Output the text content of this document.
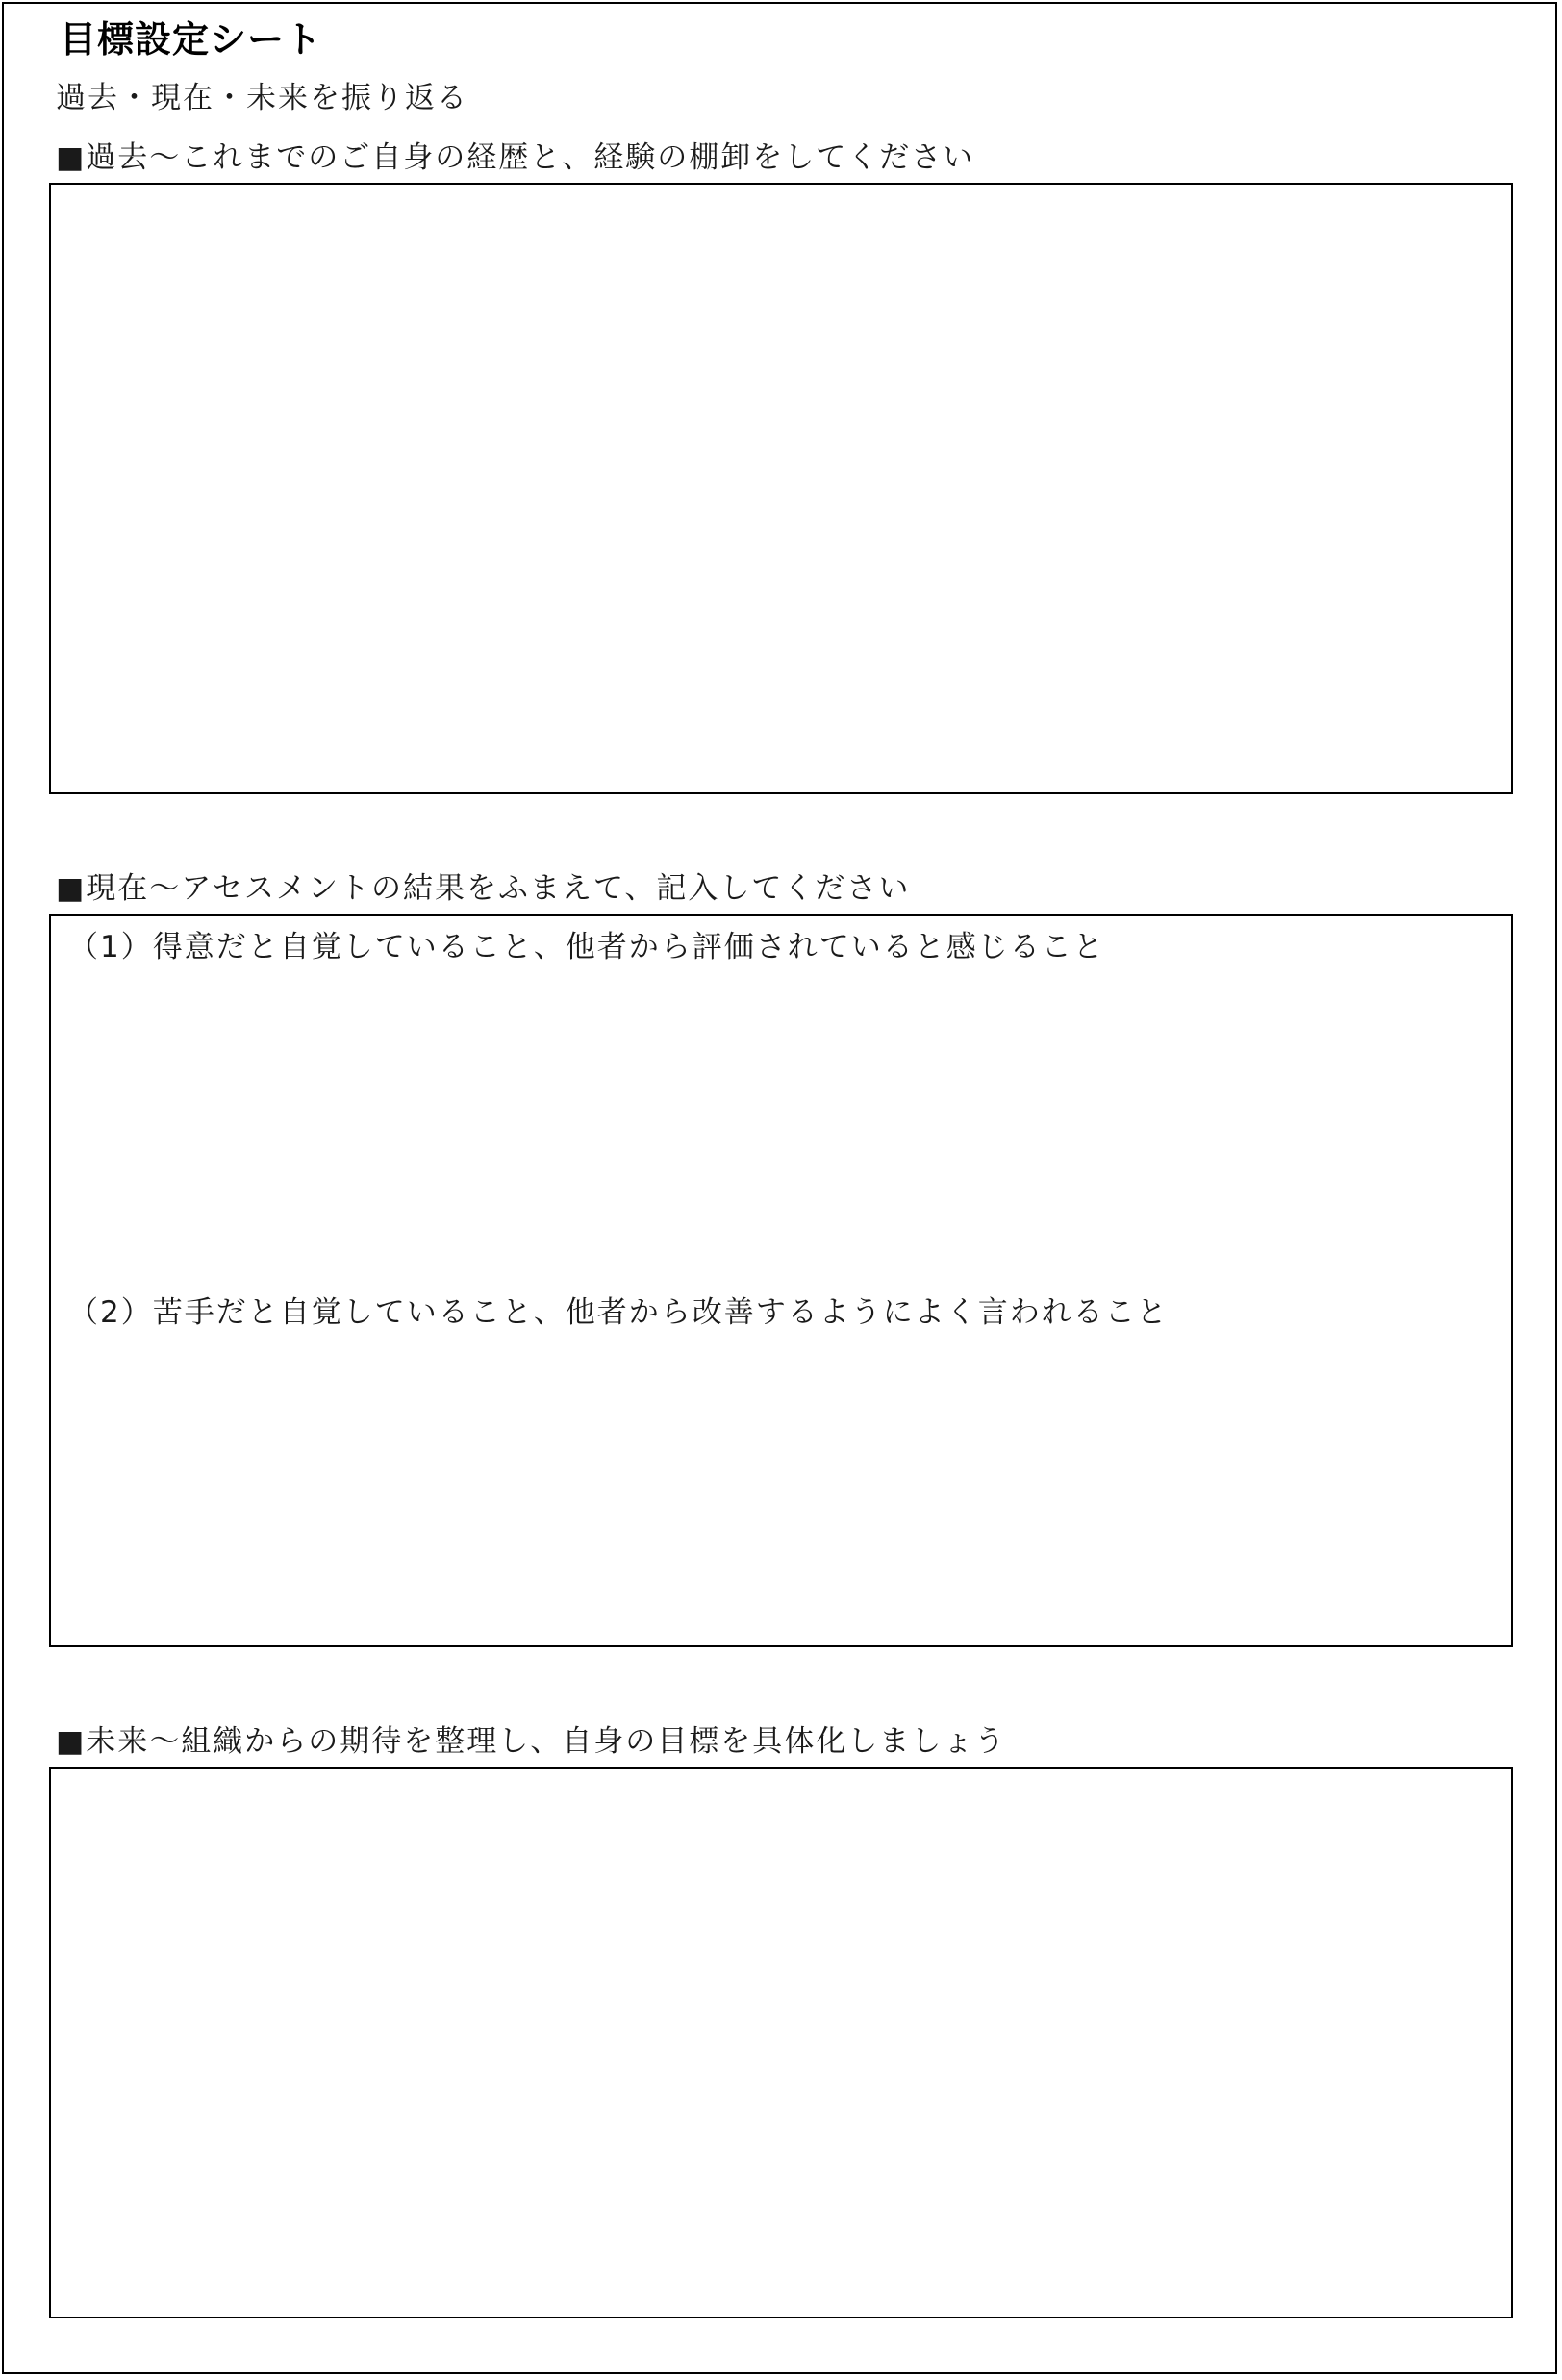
目標設定シート
過去・現在・未来を振り返る
■過去～これまでのご自身の経歴と、経験の棚卸をしてください
■現在～アセスメントの結果をふまえて、記入してください
（1）得意だと自覚していること、他者から評価されていると感じること
（2）苦手だと自覚していること、他者から改善するようによく言われること
■未来～組織からの期待を整理し、自身の目標を具体化しましょう
